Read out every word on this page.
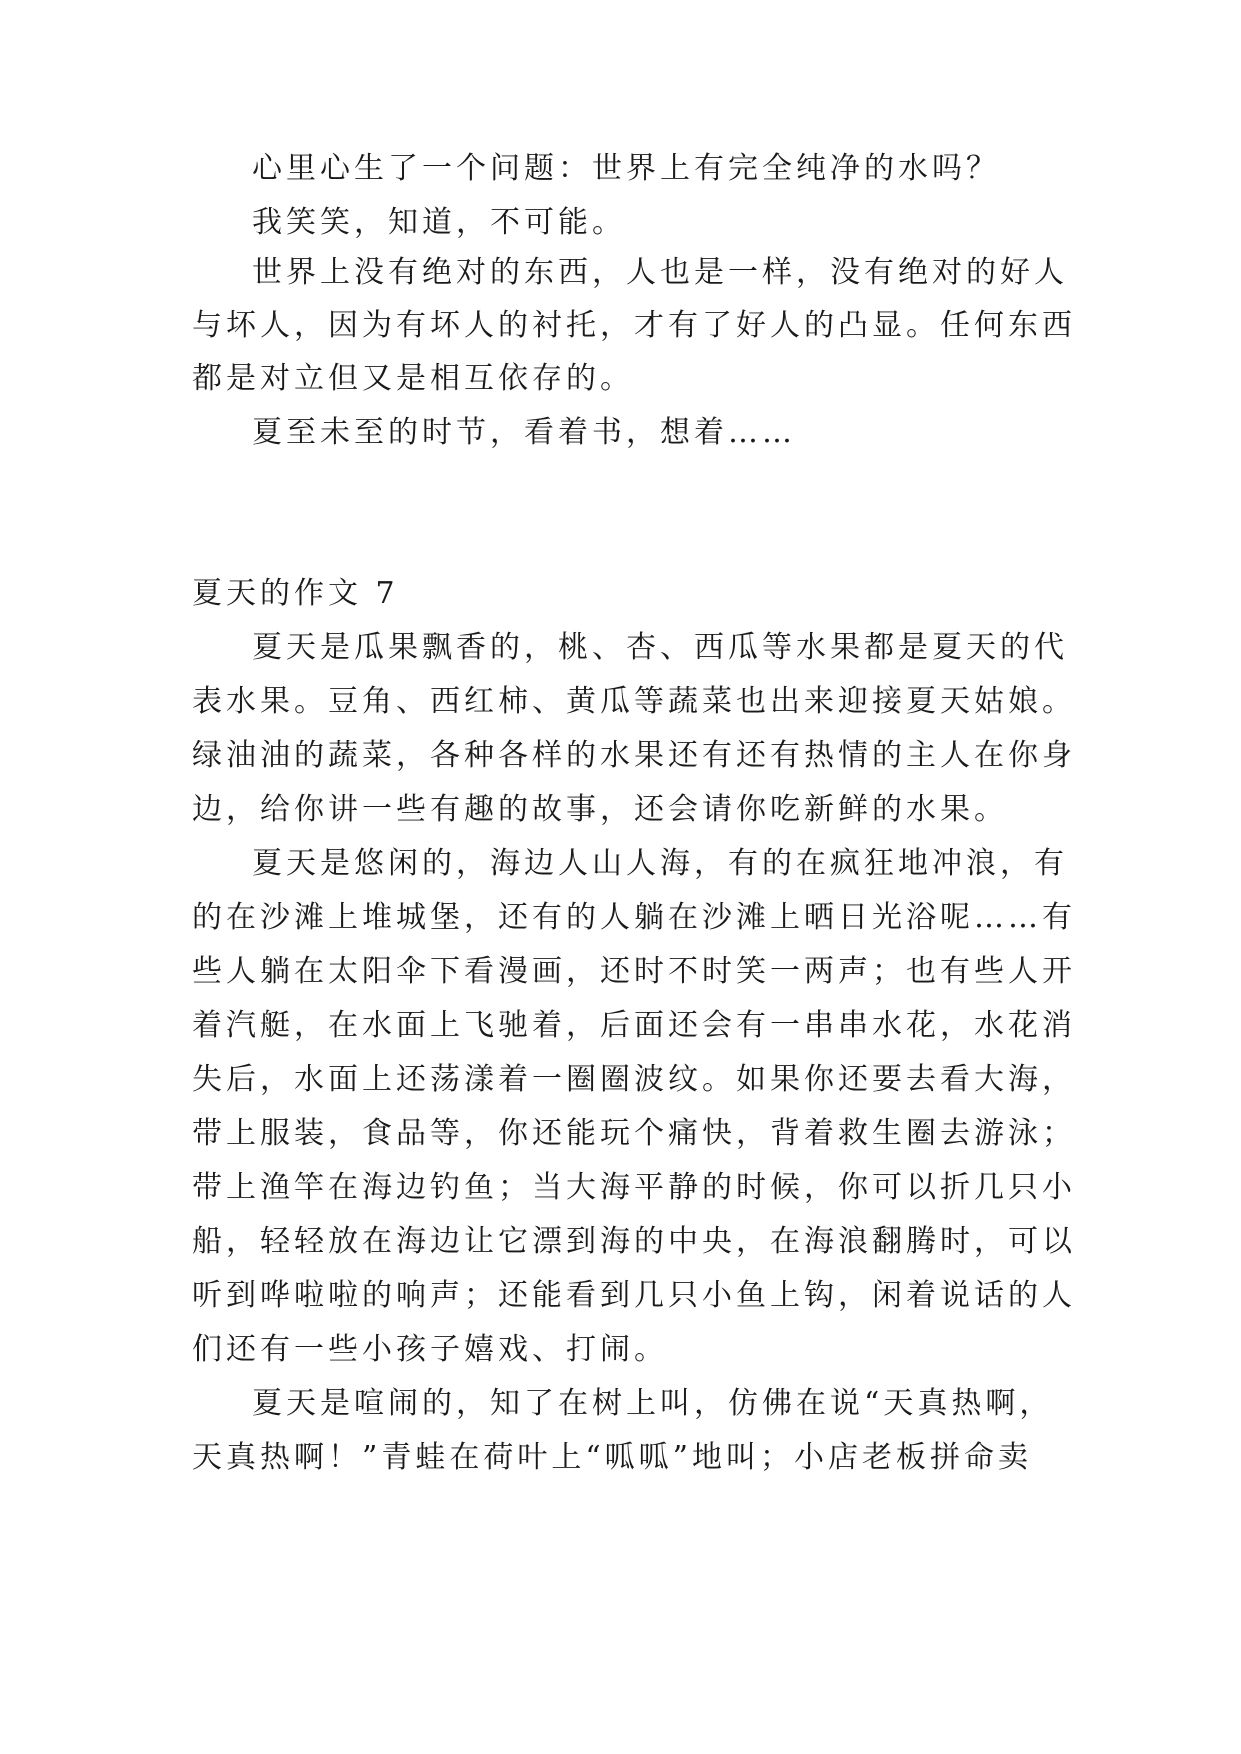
心里心生了一个问题：世界上有完全纯净的水吗？

我笑笑，知道，不可能。

世界上没有绝对的东西，人也是一样，没有绝对的好人

与坏人，因为有坏人的衬托，才有了好人的凸显。任何东西

都是对立但又是相互依存的。

夏至未至的时节，看着书，想着……

夏天的作文 7

夏天是瓜果飘香的，桃、杏、西瓜等水果都是夏天的代

表水果。豆角、西红柿、黄瓜等蔬菜也出来迎接夏天姑娘。

绿油油的蔬菜，各种各样的水果还有还有热情的主人在你身

边，给你讲一些有趣的故事，还会请你吃新鲜的水果。

夏天是悠闲的，海边人山人海，有的在疯狂地冲浪，有

的在沙滩上堆城堡，还有的人躺在沙滩上晒日光浴呢……有

些人躺在太阳伞下看漫画，还时不时笑一两声；也有些人开

着汽艇，在水面上飞驰着，后面还会有一串串水花，水花消

失后，水面上还荡漾着一圈圈波纹。如果你还要去看大海，

带上服装，食品等，你还能玩个痛快，背着救生圈去游泳；

带上渔竿在海边钓鱼；当大海平静的时候，你可以折几只小

船，轻轻放在海边让它漂到海的中央，在海浪翻腾时，可以

听到哗啦啦的响声；还能看到几只小鱼上钩，闲着说话的人

们还有一些小孩子嬉戏、打闹。

夏天是喧闹的，知了在树上叫，仿佛在说“天真热啊，

天真热啊！”青蛙在荷叶上“呱呱”地叫；小店老板拼命卖
